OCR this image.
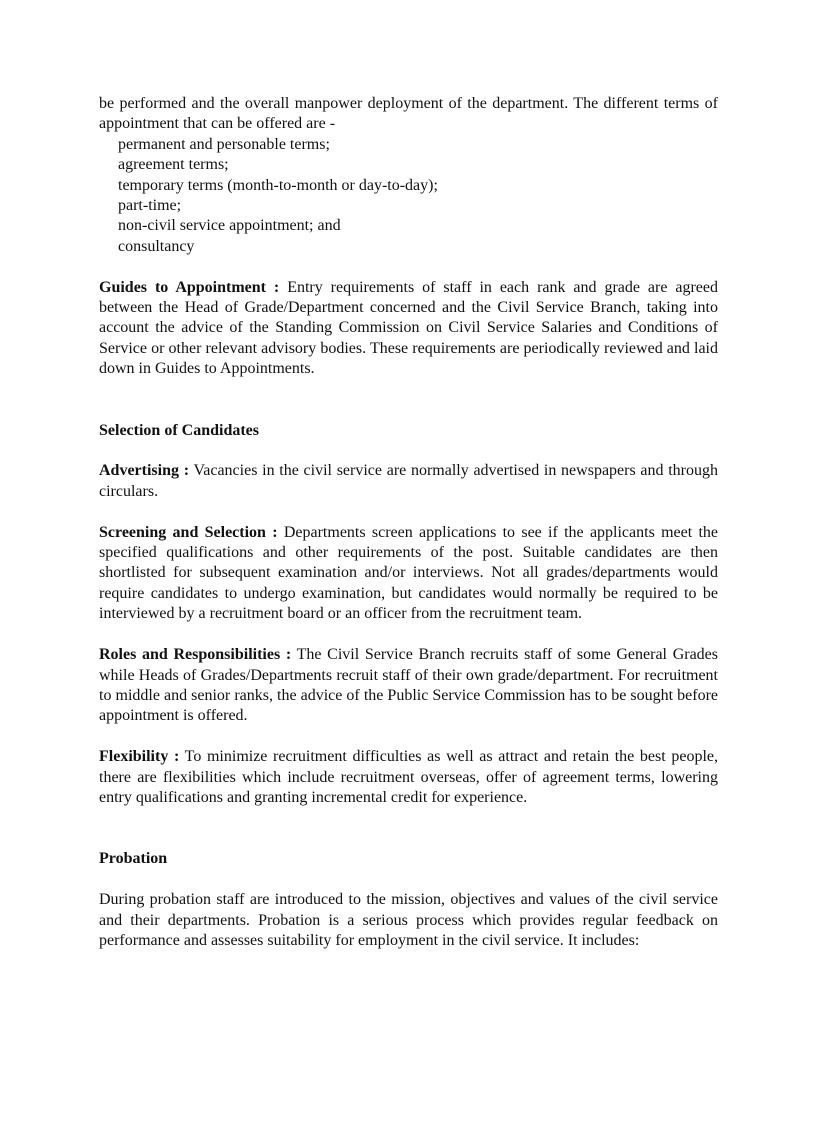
be performed and the overall manpower deployment of the department. The different terms of appointment that can be offered are -

permanent and personable terms;
agreement terms;
temporary terms (month-to-month or day-to-day);
part-time;
non-civil service appointment; and
consultancy

Guides to Appointment : Entry requirements of staff in each rank and grade are agreed between the Head of Grade/Department concerned and the Civil Service Branch, taking into account the advice of the Standing Commission on Civil Service Salaries and Conditions of Service or other relevant advisory bodies. These requirements are periodically reviewed and laid down in Guides to Appointments.

Selection of Candidates

Advertising : Vacancies in the civil service are normally advertised in newspapers and through circulars.

Screening and Selection : Departments screen applications to see if the applicants meet the specified qualifications and other requirements of the post. Suitable candidates are then shortlisted for subsequent examination and/or interviews. Not all grades/departments would require candidates to undergo examination, but candidates would normally be required to be interviewed by a recruitment board or an officer from the recruitment team.

Roles and Responsibilities : The Civil Service Branch recruits staff of some General Grades while Heads of Grades/Departments recruit staff of their own grade/department. For recruitment to middle and senior ranks, the advice of the Public Service Commission has to be sought before appointment is offered.

Flexibility : To minimize recruitment difficulties as well as attract and retain the best people, there are flexibilities which include recruitment overseas, offer of agreement terms, lowering entry qualifications and granting incremental credit for experience.

Probation

During probation staff are introduced to the mission, objectives and values of the civil service and their departments. Probation is a serious process which provides regular feedback on performance and assesses suitability for employment in the civil service. It includes:
